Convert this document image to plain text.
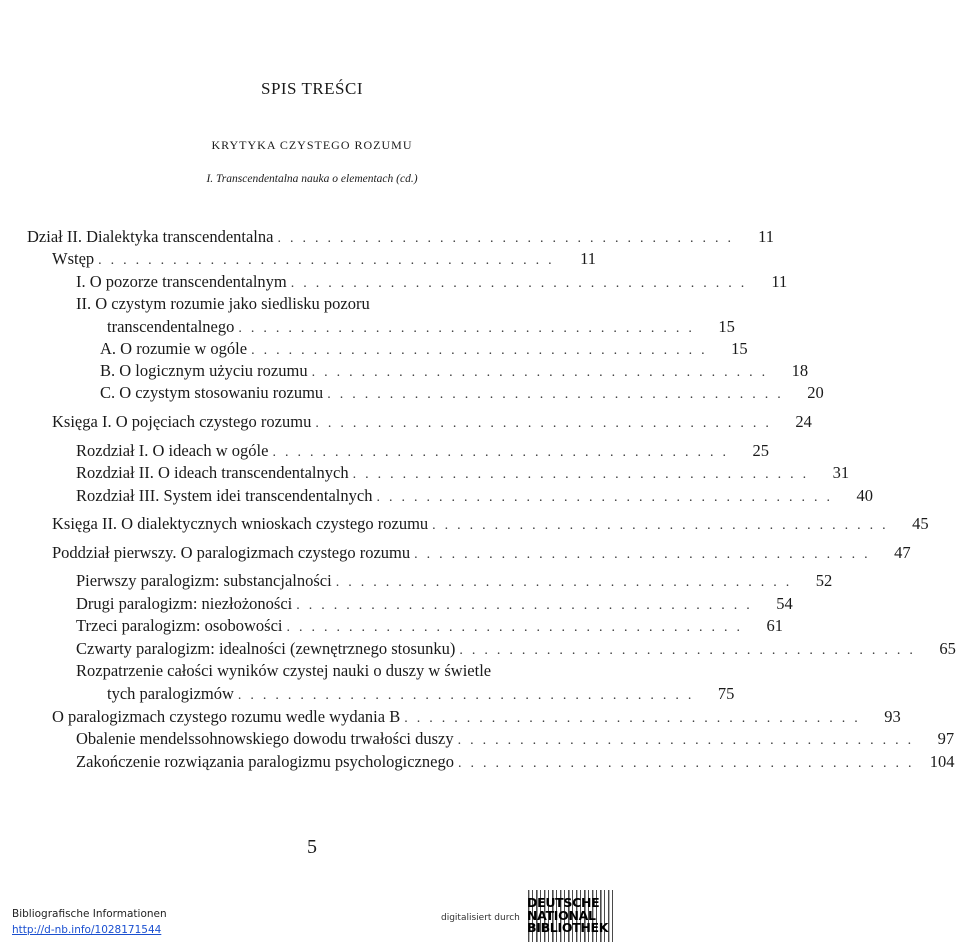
SPIS TREŚCI
KRYTYKA CZYSTEGO ROZUMU
I. Transcendentalna nauka o elementach (cd.)
Dział II. Dialektyka transcendentalna .....................................	11
Wstęp .....................................	11
I. O pozorze transcendentalnym .....................................	11
II. O czystym rozumie jako siedlisku pozoru
transcendentalnego .....................................	15
A. O rozumie w ogóle .....................................	15
B. O logicznym użyciu rozumu .....................................	18
C. O czystym stosowaniu rozumu .....................................	20
Księga I. O pojęciach czystego rozumu .....................................	24
Rozdział I. O ideach w ogóle .....................................	25
Rozdział II. O ideach transcendentalnych .....................................	31
Rozdział III. System idei transcendentalnych .....................................	40
Księga II. O dialektycznych wnioskach czystego rozumu .....................................	45
Poddział pierwszy. O paralogizmach czystego rozumu .....................................	47
Pierwszy paralogizm: substancjalności .....................................	52
Drugi paralogizm: niezłożoności .....................................	54
Trzeci paralogizm: osobowości .....................................	61
Czwarty paralogizm: idealności (zewnętrznego stosunku) .....................................	65
Rozpatrzenie całości wyników czystej nauki o duszy w świetle
tych paralogizmów .....................................	75
O paralogizmach czystego rozumu wedle wydania B .....................................	93
Obalenie mendelssohnowskiego dowodu trwałości duszy .....................................	97
Zakończenie rozwiązania paralogizmu psychologicznego ..................................... 104
5
Bibliografische Informationen
http://d-nb.info/1028171544
digitalisiert durch
DEUTSCHE
NATIONAL
BIBLIOTHEK
